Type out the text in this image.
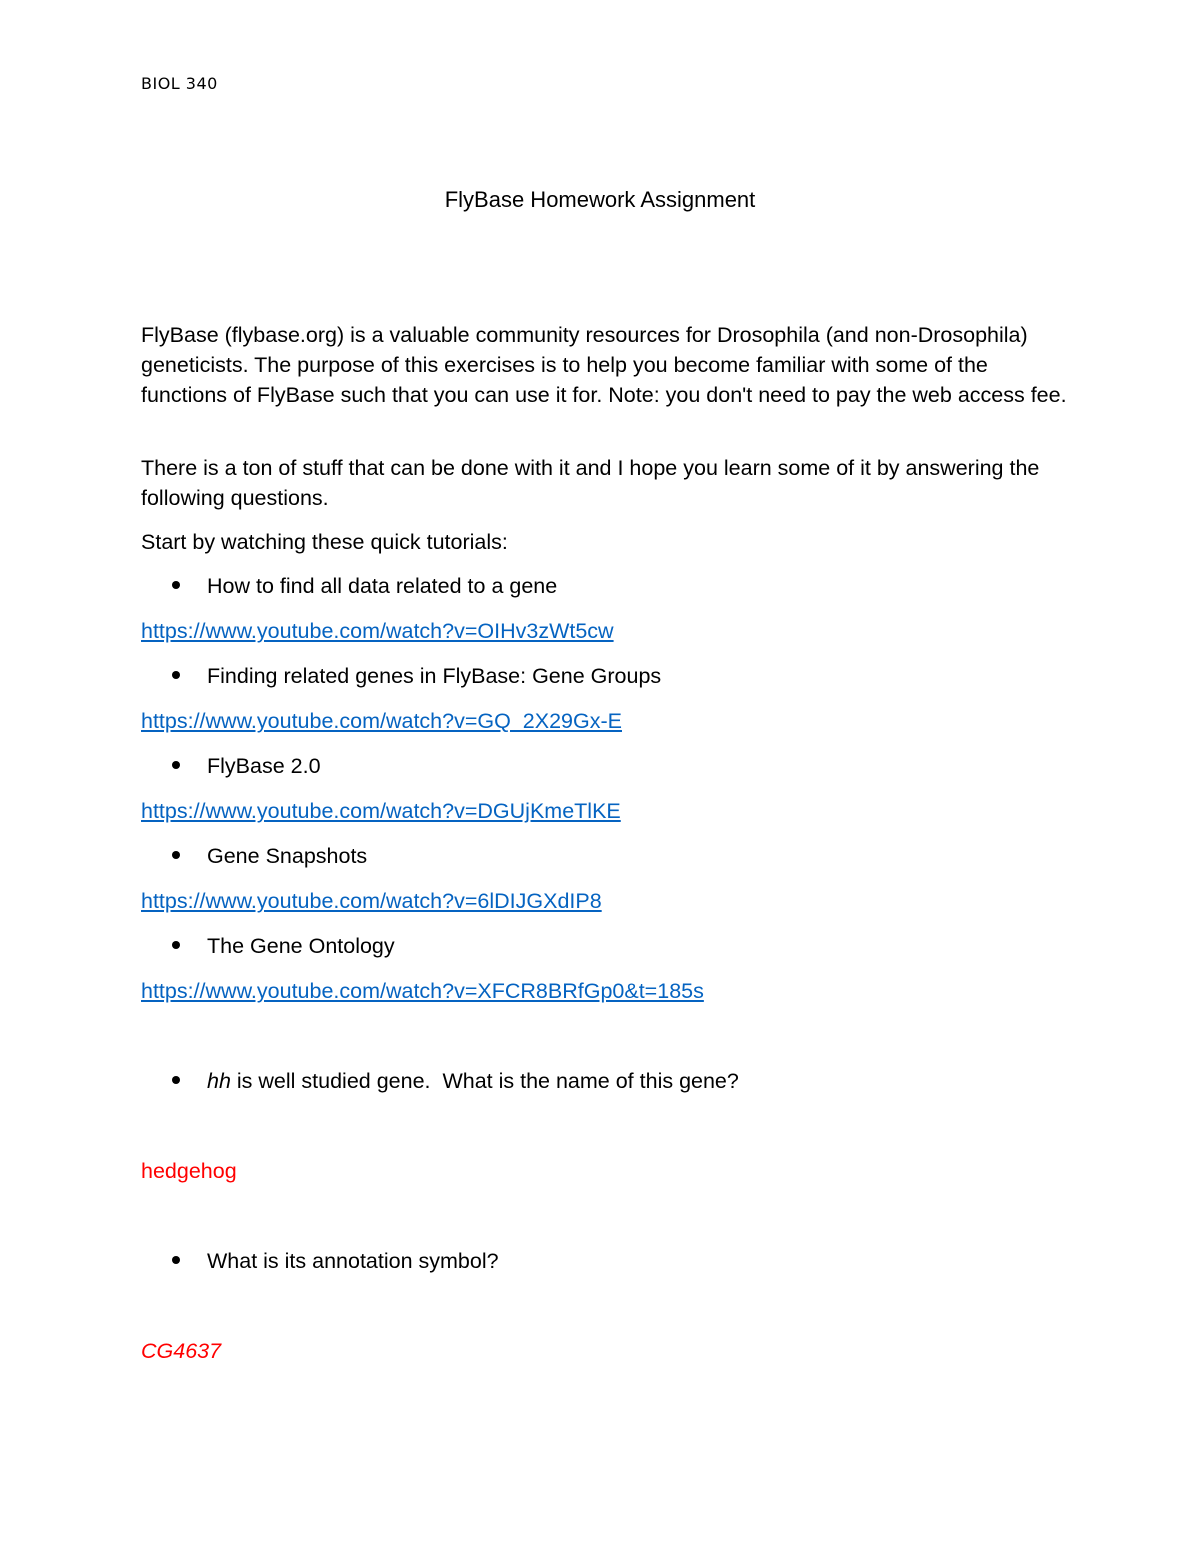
BIOL 340
FlyBase Homework Assignment
FlyBase (flybase.org) is a valuable community resources for Drosophila (and non-Drosophila) geneticists. The purpose of this exercises is to help you become familiar with some of the functions of FlyBase such that you can use it for. Note: you don't need to pay the web access fee.
There is a ton of stuff that can be done with it and I hope you learn some of it by answering the following questions.
Start by watching these quick tutorials:
How to find all data related to a gene
https://www.youtube.com/watch?v=OIHv3zWt5cw
Finding related genes in FlyBase: Gene Groups
https://www.youtube.com/watch?v=GQ_2X29Gx-E
FlyBase 2.0
https://www.youtube.com/watch?v=DGUjKmeTlKE
Gene Snapshots
https://www.youtube.com/watch?v=6lDIJGXdIP8
The Gene Ontology
https://www.youtube.com/watch?v=XFCR8BRfGp0&t=185s
hh is well studied gene.  What is the name of this gene?
hedgehog
What is its annotation symbol?
CG4637
